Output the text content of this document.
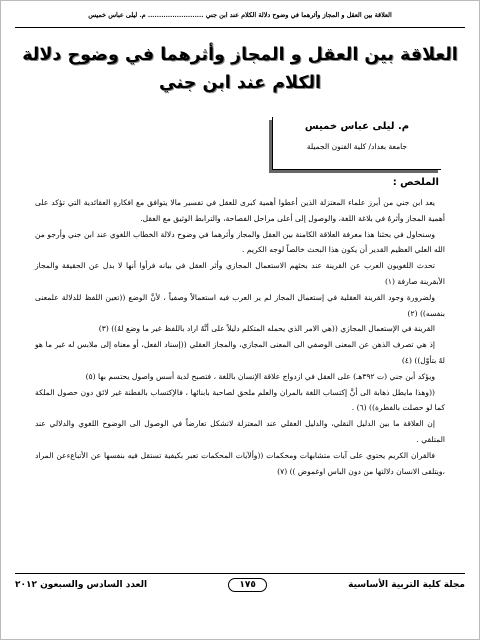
العلاقة بين العقل و المجاز وأثرهما في وضوح دلالة الكلام عند ابن جني ......................... م. ليلى عباس خميس
العلاقة بين العقل و المجاز وأثرهما في وضوح دلالة الكلام عند ابن جني
م. ليلى عباس خميس
جامعة بغداد/ كلية الفنون الجميلة
الملخص :

يعد ابن جني من أبرز علماء المعتزلة الذين أعطوا أهمية كبرى للعقل في تفسير مالا يتوافق مع افكارهِ العقائدية التي تؤكد على أهمية المجاز وأثرهُ في بلاغة اللغة، والوصول إلى أعلى مراحل الفصاحة، والترابط الوثيق مع العقل.

وسنحاول في بحثنا هذا معرفة العلاقة الكامنة بين العقل والمجاز وأثرهما في وضوح دلالة الخطاب اللغوي عند ابن جني وأرجو من الله العلي العظيم القدير أن يكون هذا البحث خالصاً لوجه الكريم .

تحدث اللغويون العرب عن القرينة عند بحثهم الاستعمال المجازي وأثر العقل في بيانه فرأوا أنها لا بدل عن الحقيقة والمجاز الأبقرينة صارفة (١)

ولضرورة وجود القرينة العقلية في إستعمال المجاز لم ير العرب فيه استعمالاً وصفياً ، لأنَّ الوضع ((تعين اللفظ للدلالة علمعنى بنفسه)) (٢)

القرينة في الإستعمال المجازي ((هي الامر الذي يحمله المتكلم دليلاً على أنَّهُ اراد باللفظ غير ما وضع لهُ)) (٣)

إذ هي تصرف الذهن عن المعنى الوصفي الى المعنى المجازي، والمجاز العقلي ((إسناد الفعل، أو معناه إلى ملابس له غير ما هو لهُ بتأوّل)) (٤)

ويؤكد أبن جني (ت ٣٩٢هـ) على العقل في ازدواج علاقة الإنسان باللغة ، فتصبح لدية أسس واصول يحتسم بها (٥)

((وهذا مايطل ذهابة الى أنَّ إكتساب اللغة بالمران والعلم ملحق لصاحبة بابنائها ، فالإكتساب بالفطنة غير لائق دون حصول الملكة كما لو حصلت بالفطرة)) (٦) .

إن العلاقة ما بين الدليل النقلي، والدليل العقلي عند المعتزلة لاتشكل تعارضاً في الوصول الى الوضوح اللغوي والدلالي عند المتلقي .

فالقران الكريم يحتوي على آيات متشابهات ومحكمات ((وألآيات المحكمات تعبر بكيفية تستقل فيه بنفسها عن الأتباعءعن المراد ،ويتلقى الانسان دلالتها من دون الباس اوغموض )) (٧)

مجلة كلية التربية الأساسية
١٧٥
العدد السادس والسبعون ٢٠١٢
